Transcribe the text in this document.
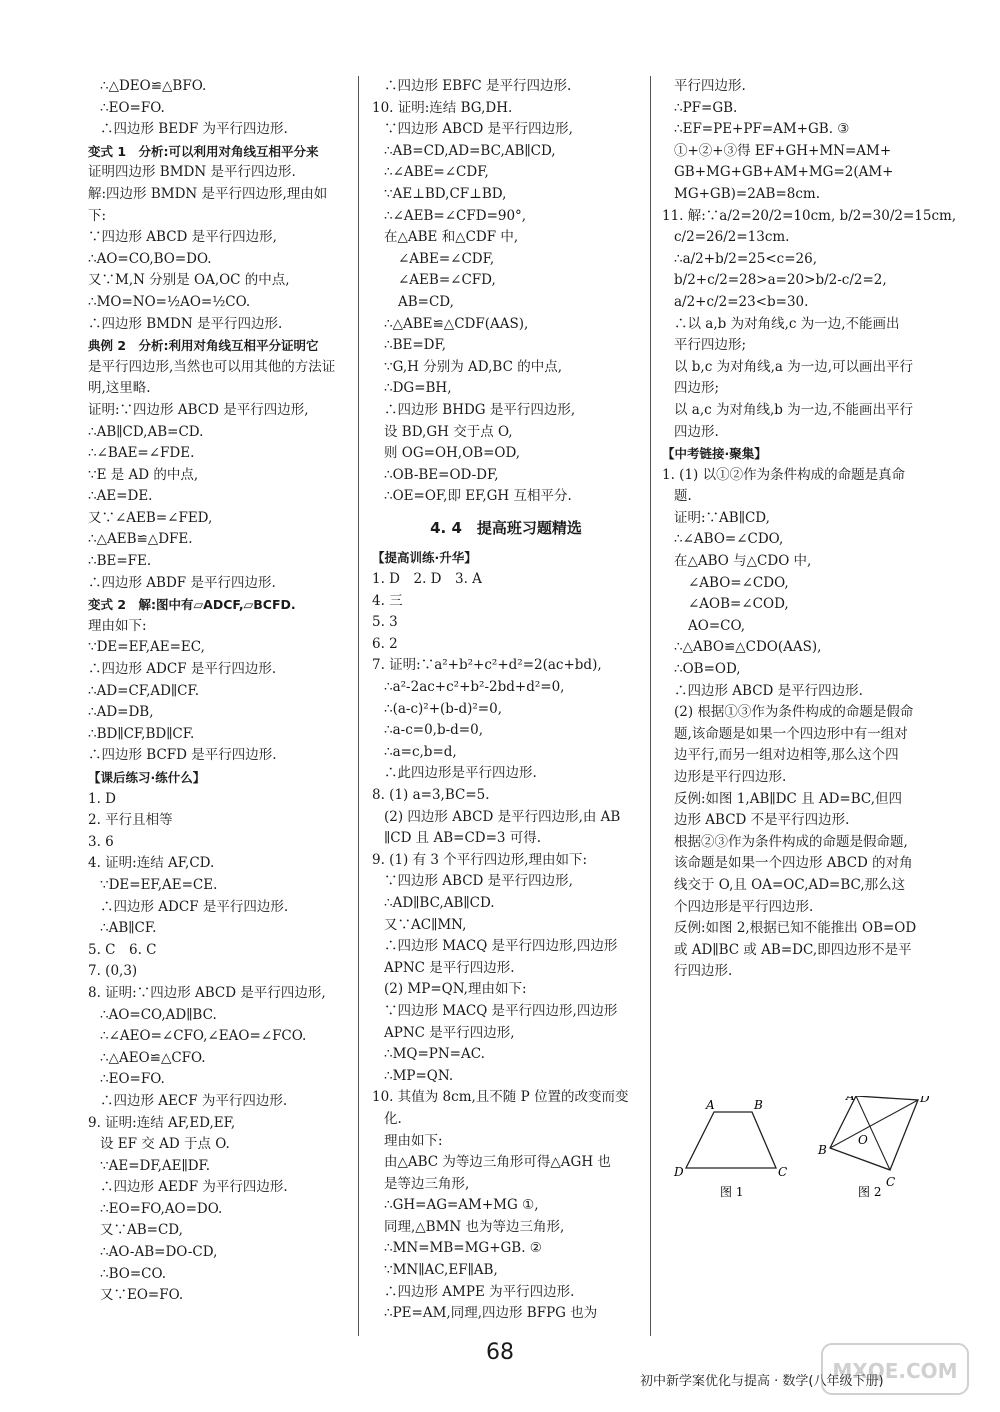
∴△DEO≌△BFO.
∴EO=FO.
∴四边形 BEDF 为平行四边形.
变式 1　分析:可以利用对角线互相平分来
证明四边形 BMDN 是平行四边形.
解:四边形 BMDN 是平行四边形,理由如
下:
∵四边形 ABCD 是平行四边形,
∴AO=CO,BO=DO.
又∵M,N 分别是 OA,OC 的中点,
∴MO=NO=½AO=½CO.
∴四边形 BMDN 是平行四边形.
典例 2　分析:利用对角线互相平分证明它
是平行四边形,当然也可以用其他的方法证
明,这里略.
证明:∵四边形 ABCD 是平行四边形,
∴AB∥CD,AB=CD.
∴∠BAE=∠FDE.
∵E 是 AD 的中点,
∴AE=DE.
又∵∠AEB=∠FED,
∴△AEB≌△DFE.
∴BE=FE.
∴四边形 ABDF 是平行四边形.
变式 2　解:图中有▱ADCF,▱BCFD.
理由如下:
∵DE=EF,AE=EC,
∴四边形 ADCF 是平行四边形.
∴AD=CF,AD∥CF.
∴AD=DB,
∴BD∥CF,BD∥CF.
∴四边形 BCFD 是平行四边形.
【课后练习·练什么】
1. D
2. 平行且相等
3. 6
4. 证明:连结 AF,CD.
∵DE=EF,AE=CE.
∴四边形 ADCF 是平行四边形.
∴AB∥CF.
5. C　6. C
7. (0,3)
8. 证明:∵四边形 ABCD 是平行四边形,
∴AO=CO,AD∥BC.
∴∠AEO=∠CFO,∠EAO=∠FCO.
∴△AEO≌△CFO.
∴EO=FO.
∴四边形 AECF 为平行四边形.
9. 证明:连结 AF,ED,EF,
设 EF 交 AD 于点 O.
∵AE=DF,AE∥DF.
∴四边形 AEDF 为平行四边形.
∴EO=FO,AO=DO.
又∵AB=CD,
∴AO-AB=DO-CD,
∴BO=CO.
又∵EO=FO.
∴四边形 EBFC 是平行四边形.
10. 证明:连结 BG,DH.
∵四边形 ABCD 是平行四边形,
∴AB=CD,AD=BC,AB∥CD,
∴∠ABE=∠CDF,
∵AE⊥BD,CF⊥BD,
∴∠AEB=∠CFD=90°,
在△ABE 和△CDF 中,
∠ABE=∠CDF,
∠AEB=∠CFD,
AB=CD,
∴△ABE≌△CDF(AAS),
∴BE=DF,
∵G,H 分别为 AD,BC 的中点,
∴DG=BH,
∴四边形 BHDG 是平行四边形,
设 BD,GH 交于点 O,
则 OG=OH,OB=OD,
∴OB-BE=OD-DF,
∴OE=OF,即 EF,GH 互相平分.
4. 4　提高班习题精选
【提高训练·升华】
1. D　2. D　3. A
4. 三
5. 3
6. 2
7. 证明:∵a²+b²+c²+d²=2(ac+bd),
∴a²-2ac+c²+b²-2bd+d²=0,
∴(a-c)²+(b-d)²=0,
∴a-c=0,b-d=0,
∴a=c,b=d,
∴此四边形是平行四边形.
8. (1) a=3,BC=5.
(2) 四边形 ABCD 是平行四边形,由 AB
∥CD 且 AB=CD=3 可得.
9. (1) 有 3 个平行四边形,理由如下:
∵四边形 ABCD 是平行四边形,
∴AD∥BC,AB∥CD.
又∵AC∥MN,
∴四边形 MACQ 是平行四边形,四边形
APNC 是平行四边形.
(2) MP=QN,理由如下:
∵四边形 MACQ 是平行四边形,四边形
APNC 是平行四边形,
∴MQ=PN=AC.
∴MP=QN.
10. 其值为 8cm,且不随 P 位置的改变而变
化.
理由如下:
由△ABC 为等边三角形可得△AGH 也
是等边三角形,
∴GH=AG=AM+MG ①,
同理,△BMN 也为等边三角形,
∴MN=MB=MG+GB. ②
∵MN∥AC,EF∥AB,
∴四边形 AMPE 为平行四边形.
∴PE=AM,同理,四边形 BFPG 也为
平行四边形.
∴PF=GB.
∴EF=PE+PF=AM+GB. ③
①+②+③得 EF+GH+MN=AM+
GB+MG+GB+AM+MG=2(AM+
MG+GB)=2AB=8cm.
11. 解:∵a/2=20/2=10cm, b/2=30/2=15cm,
c/2=26/2=13cm.
∴a/2+b/2=25<c=26,
b/2+c/2=28>a=20>b/2-c/2=2,
a/2+c/2=23<b=30.
∴以 a,b 为对角线,c 为一边,不能画出
平行四边形;
以 b,c 为对角线,a 为一边,可以画出平行
四边形;
以 a,c 为对角线,b 为一边,不能画出平行
四边形.
【中考链接·聚集】
1. (1) 以①②作为条件构成的命题是真命
题.
证明:∵AB∥CD,
∴∠ABO=∠CDO,
在△ABO 与△CDO 中,
∠ABO=∠CDO,
∠AOB=∠COD,
AO=CO,
∴△ABO≌△CDO(AAS),
∴OB=OD,
∴四边形 ABCD 是平行四边形.
(2) 根据①③作为条件构成的命题是假命
题,该命题是如果一个四边形中有一组对
边平行,而另一组对边相等,那么这个四
边形是平行四边形.
反例:如图 1,AB∥DC 且 AD=BC,但四
边形 ABCD 不是平行四边形.
根据②③作为条件构成的命题是假命题,
该命题是如果一个四边形 ABCD 的对角
线交于 O,且 OA=OC,AD=BC,那么这
个四边形是平行四边形.
反例:如图 2,根据已知不能推出 OB=OD
或 AD∥BC 或 AB=DC,即四边形不是平
行四边形.
A	B
C
D
图 1
A
B
C
D
O
图 2
68
初中新学案优化与提高 · 数学(八年级下册)
MXQE.COM
